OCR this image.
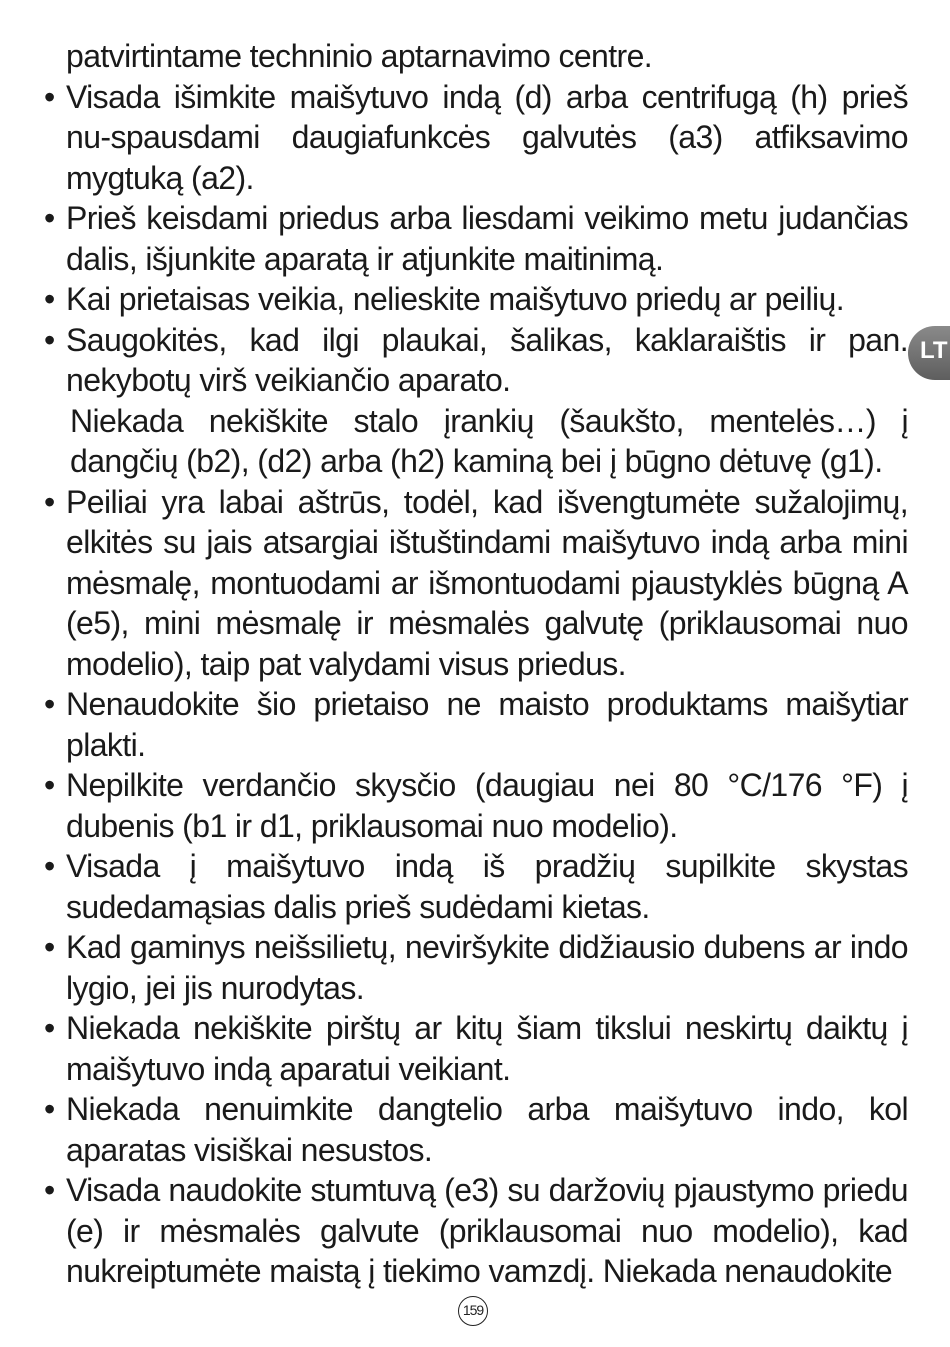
patvirtintame techninio aptarnavimo centre.

• Visada išimkite maišytuvo indą (d) arba centrifugą (h) prieš nu-spausdami daugiafunkcės galvutės (a3) atfiksavimo mygtuką (a2).

• Prieš keisdami priedus arba liesdami veikimo metu judančias dalis, išjunkite aparatą ir atjunkite maitinimą.

• Kai prietaisas veikia, nelieskite maišytuvo priedų ar peilių.

• Saugokitės, kad ilgi plaukai, šalikas, kaklaraištis ir pan. nekybotų virš veikiančio aparato.

Niekada nekiškite stalo įrankių (šaukšto, mentelės…) į dangčių (b2), (d2) arba (h2) kaminą bei į būgno dėtuvę (g1).

• Peiliai yra labai aštrūs, todėl, kad išvengtumėte sužalojimų, elkitės su jais atsargiai ištuštindami maišytuvo indą arba mini mėsmalę, montuodami ar išmontuodami pjaustyklės būgną A (e5), mini mėsmalę ir mėsmalės galvutę (priklausomai nuo modelio), taip pat valydami visus priedus.

• Nenaudokite šio prietaiso ne maisto produktams maišytiar plakti.

• Nepilkite verdančio skysčio (daugiau nei 80 °C/176 °F) į dubenis (b1 ir d1, priklausomai nuo modelio).

• Visada į maišytuvo indą iš pradžių supilkite skystas sudedamąsias dalis prieš sudėdami kietas.

• Kad gaminys neišsilietų, neviršykite didžiausio dubens ar indo lygio, jei jis nurodytas.

• Niekada nekiškite pirštų ar kitų šiam tikslui neskirtų daiktų į maišytuvo indą aparatui veikiant.

• Niekada nenuimkite dangtelio arba maišytuvo indo, kol aparatas visiškai nesustos.

• Visada naudokite stumtuvą (e3) su daržovių pjaustymo priedu (e) ir mėsmalės galvute (priklausomai nuo modelio), kad nukreiptumėte maistą į tiekimo vamzdį. Niekada nenaudokite

LT
159
